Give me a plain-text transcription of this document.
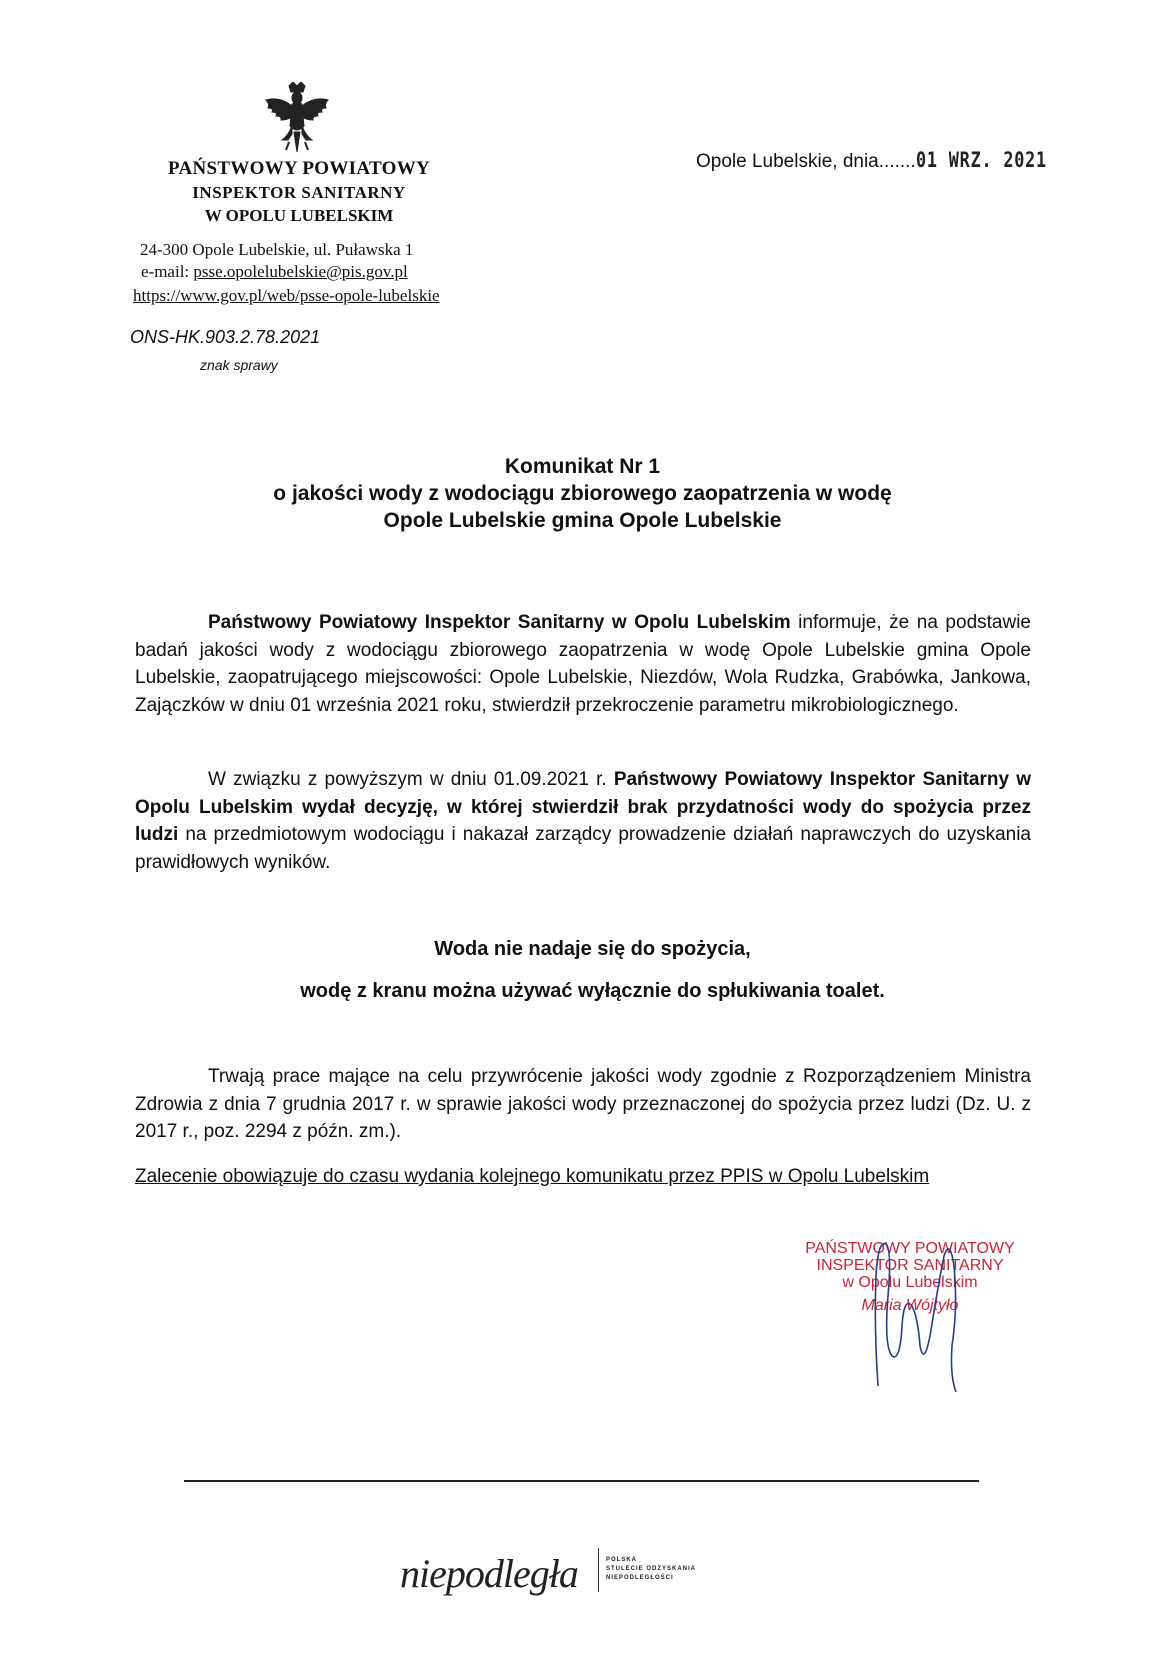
PAŃSTWOWY POWIATOWY
INSPEKTOR SANITARNY
W OPOLU LUBELSKIM
24-300 Opole Lubelskie, ul. Puławska 1
e-mail: psse.opolelubelskie@pis.gov.pl
https://www.gov.pl/web/psse-opole-lubelskie
ONS-HK.903.2.78.2021
znak sprawy
Opole Lubelskie, dnia.......01 WRZ. 2021
Komunikat Nr 1
o jakości wody z wodociągu zbiorowego zaopatrzenia w wodę
Opole Lubelskie gmina Opole Lubelskie
Państwowy Powiatowy Inspektor Sanitarny w Opolu Lubelskim informuje, że na podstawie badań jakości wody z wodociągu zbiorowego zaopatrzenia w wodę Opole Lubelskie gmina Opole Lubelskie, zaopatrującego miejscowości: Opole Lubelskie, Niezdów, Wola Rudzka, Grabówka, Jankowa, Zajączków w dniu 01 września 2021 roku, stwierdził przekroczenie parametru mikrobiologicznego.
W związku z powyższym w dniu 01.09.2021 r. Państwowy Powiatowy Inspektor Sanitarny w Opolu Lubelskim wydał decyzję, w której stwierdził brak przydatności wody do spożycia przez ludzi na przedmiotowym wodociągu i nakazał zarządcy prowadzenie działań naprawczych do uzyskania prawidłowych wyników.
Woda nie nadaje się do spożycia,
wodę z kranu można używać wyłącznie do spłukiwania toalet.
Trwają prace mające na celu przywrócenie jakości wody zgodnie z Rozporządzeniem Ministra Zdrowia z dnia 7 grudnia 2017 r. w sprawie jakości wody przeznaczonej do spożycia przez ludzi (Dz. U. z 2017 r., poz. 2294 z późn. zm.).
Zalecenie obowiązuje do czasu wydania kolejnego komunikatu przez PPIS w Opolu Lubelskim
PAŃSTWOWY POWIATOWY
INSPEKTOR SANITARNY
w Opolu Lubelskim
Maria Wójtyło
niepodległa	POLSKA
STULECIE ODZYSKANIA
NIEPODLEGŁOŚCI
